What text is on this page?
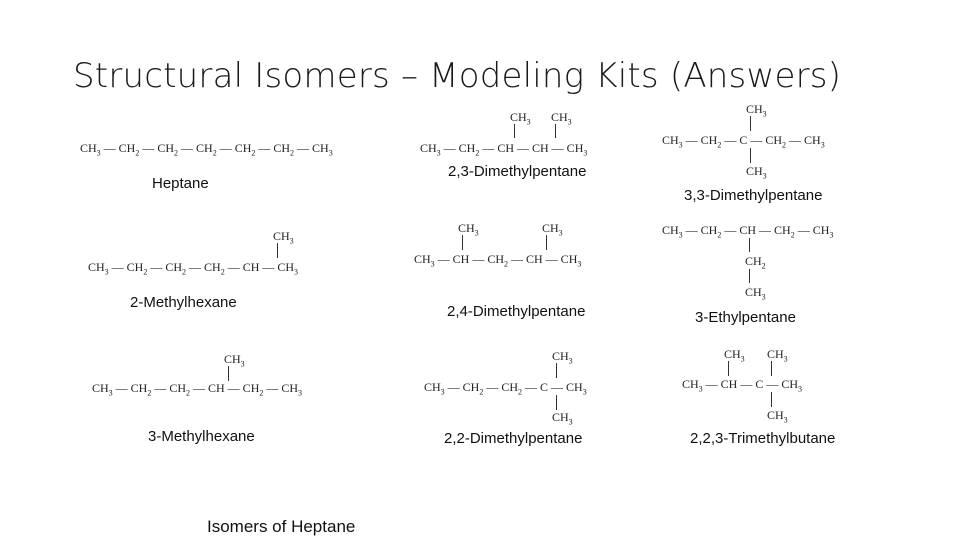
Structural Isomers – Modeling Kits (Answers)
$CH_3$ — $CH_2$ — $CH_2$ — $CH_2$ — $CH_2$ — $CH_2$ — $CH_3$
Heptane
$CH_3$ $CH_3$
$CH_3$ — $CH_2$ — CH — CH — $CH_3$
2,3-Dimethylpentane
$CH_3$
$CH_3$ — $CH_2$ — C — $CH_2$ — $CH_3$
$CH_3$
3,3-Dimethylpentane
$CH_3$
$CH_3$ — $CH_2$ — $CH_2$ — $CH_2$ — CH — $CH_3$
2-Methylhexane
$CH_3$	$CH_3$
$CH_3$ — CH — $CH_2$ — CH — $CH_3$
2,4-Dimethylpentane
$CH_3$ — $CH_2$ — CH — $CH_2$ — $CH_3$
$CH_2$
$CH_3$
3-Ethylpentane
$CH_3$
$CH_3$ — $CH_2$ — $CH_2$ — CH — $CH_2$ — $CH_3$
3-Methylhexane
$CH_3$
$CH_3$ — $CH_2$ — $CH_2$ — C — $CH_3$
$CH_3$
2,2-Dimethylpentane
$CH_3$ $CH_3$
$CH_3$ — CH — C — $CH_3$
$CH_3$
2,2,3-Trimethylbutane
Isomers of Heptane
